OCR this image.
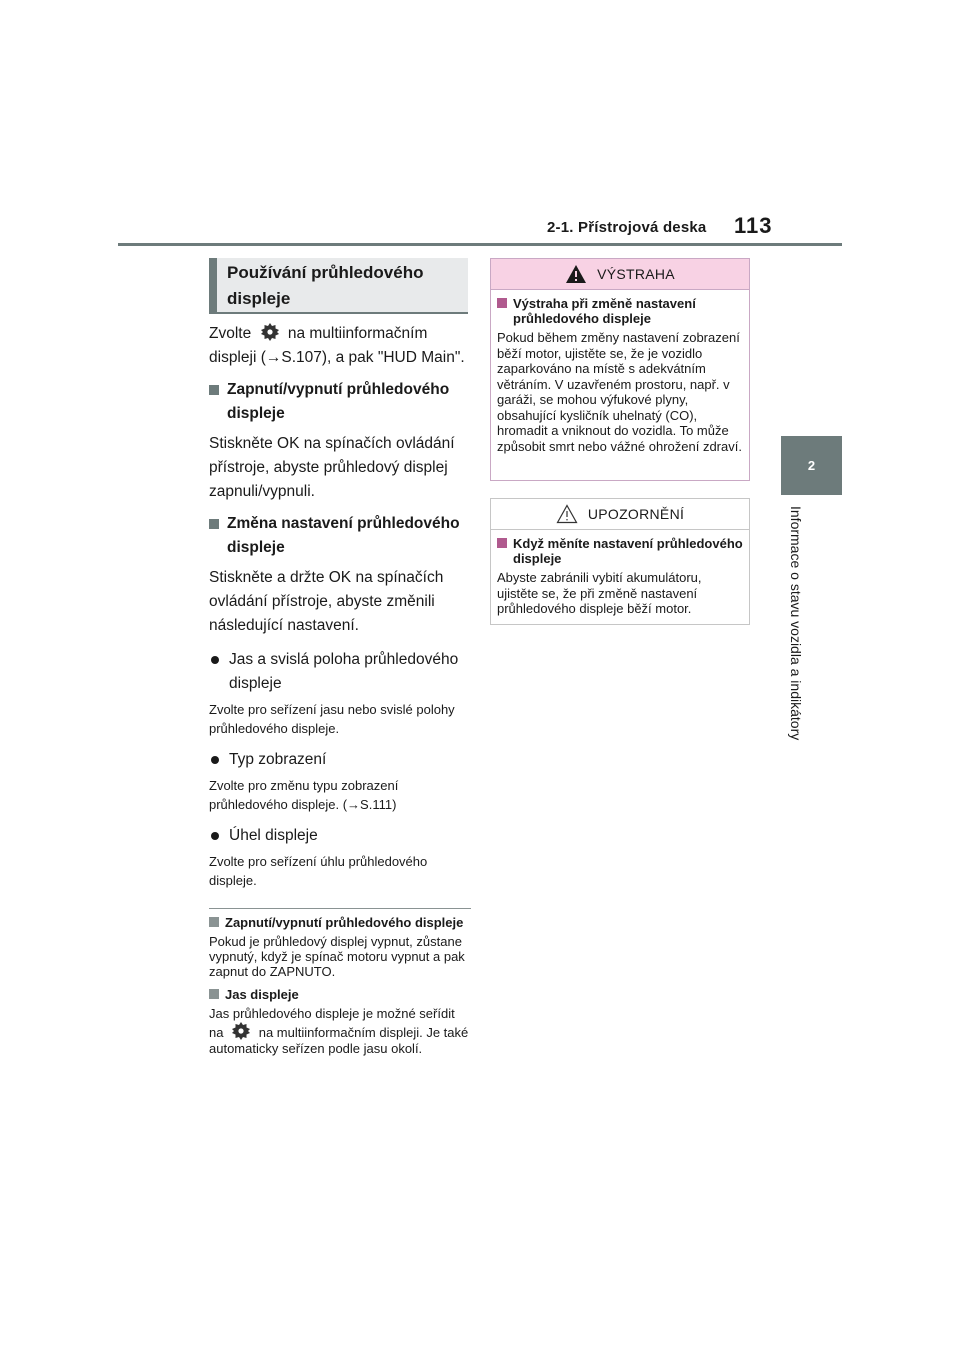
2-1. Přístrojová deska 113
2
Informace o stavu vozidla a indikátory
Používání průhledového displeje

Zvolte na multiinformačním displeji (→S.107), a pak "HUD Main".

Zapnutí/vypnutí průhledového displeje

Stiskněte OK na spínačích ovládání přístroje, abyste průhledový displej zapnuli/vypnuli.

Změna nastavení průhledového displeje

Stiskněte a držte OK na spínačích ovládání přístroje, abyste změnili následující nastavení.

Jas a svislá poloha průhledového displeje

Zvolte pro seřízení jasu nebo svislé polohy průhledového displeje.

Typ zobrazení

Zvolte pro změnu typu zobrazení průhledového displeje. (→S.111)

Úhel displeje

Zvolte pro seřízení úhlu průhledového displeje.

Zapnutí/vypnutí průhledového displeje

Pokud je průhledový displej vypnut, zůstane vypnutý, když je spínač motoru vypnut a pak zapnut do ZAPNUTO.

Jas displeje

Jas průhledového displeje je možné seřídit na	na multiinformačním displeji. Je také automaticky seřízen podle jasu okolí.

VÝSTRAHA
Výstraha při změně nastavení průhledového displeje
Pokud během změny nastavení zobrazení běží motor, ujistěte se, že je vozidlo zaparkováno na místě s adekvátním větráním. V uzavřeném prostoru, např. v garáži, se mohou výfukové plyny, obsahující kysličník uhelnatý (CO), hromadit a vniknout do vozidla. To může způsobit smrt nebo vážné ohrožení zdraví.
UPOZORNĚNÍ
Když měníte nastavení průhledového displeje
Abyste zabránili vybití akumulátoru, ujistěte se, že při změně nastavení průhledového displeje běží motor.
